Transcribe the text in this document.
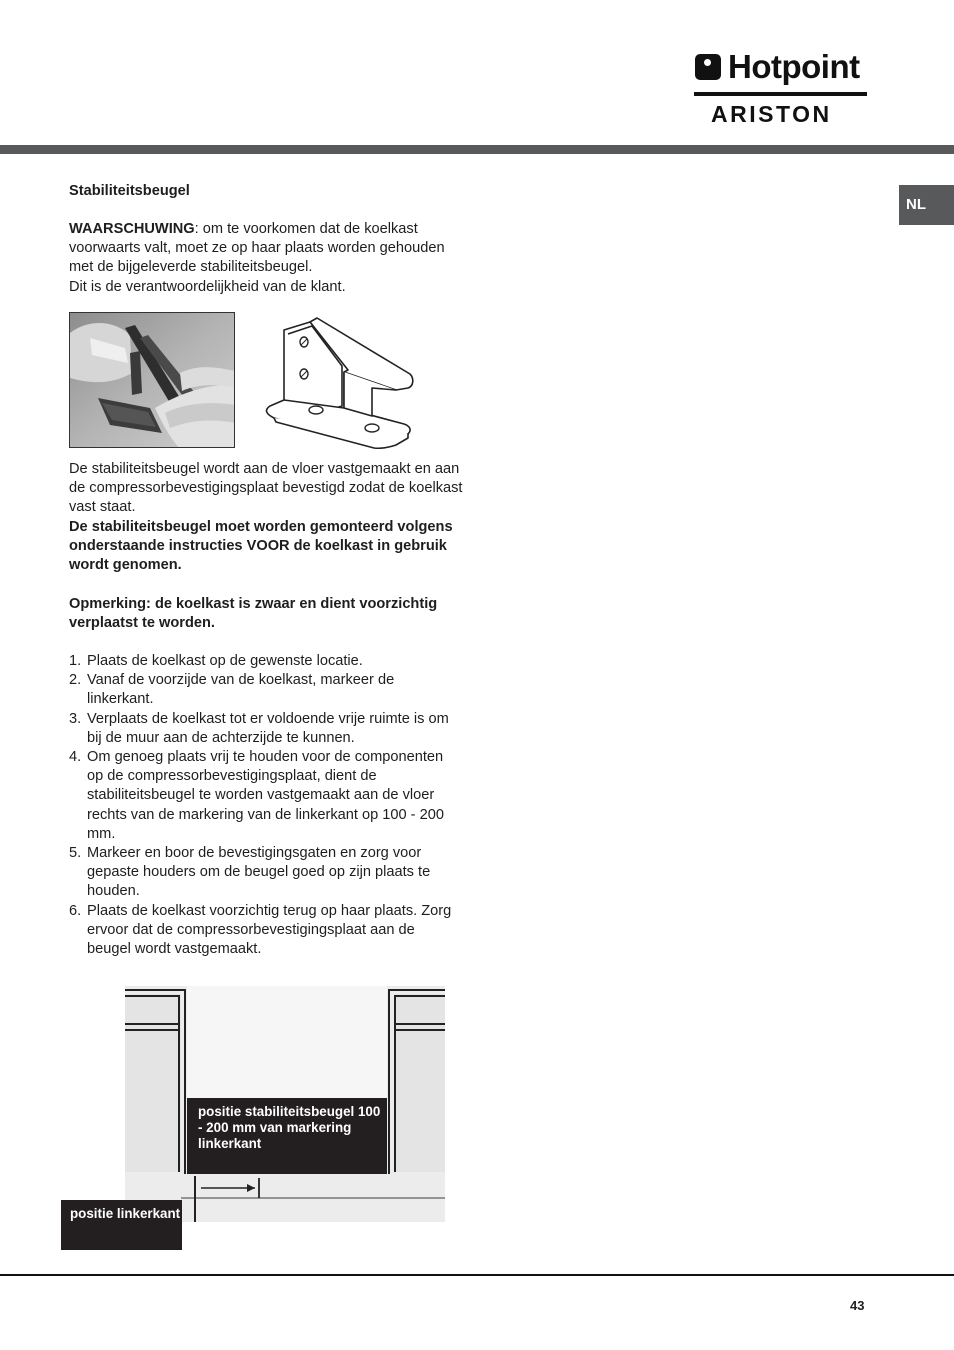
Hotpoint
ARISTON
NL
Stabiliteitsbeugel

WAARSCHUWING: om te voorkomen dat de koelkast voorwaarts valt, moet ze op haar plaats worden gehouden met de bijgeleverde stabiliteitsbeugel.

Dit is de verantwoordelijkheid van de klant.

De stabiliteitsbeugel wordt aan de vloer vastgemaakt en aan de compressorbevestigingsplaat bevestigd zodat de koelkast vast staat.
De stabiliteitsbeugel moet worden gemonteerd volgens onderstaande instructies VOOR de koelkast in gebruik wordt genomen.
Opmerking: de koelkast is zwaar en dient voorzichtig verplaatst te worden.
1. Plaats de koelkast op de gewenste locatie.
2. Vanaf de voorzijde van de koelkast, markeer de linkerkant.
3. Verplaats de koelkast tot er voldoende vrije ruimte is om bij de muur aan de achterzijde te kunnen.
4. Om genoeg plaats vrij te houden voor de componenten op de compressorbevestigingsplaat, dient de stabiliteitsbeugel te worden vastgemaakt aan de vloer rechts van de markering van de linkerkant op 100 - 200 mm.
5. Markeer en boor de bevestigingsgaten en zorg voor gepaste houders om de beugel goed op zijn plaats te houden.
6. Plaats de koelkast voorzichtig terug op haar plaats. Zorg ervoor dat de compressorbevestigingsplaat aan de beugel wordt vastgemaakt.
positie stabiliteitsbeugel 100 - 200 mm van markering linkerkant
positie linkerkant
43
